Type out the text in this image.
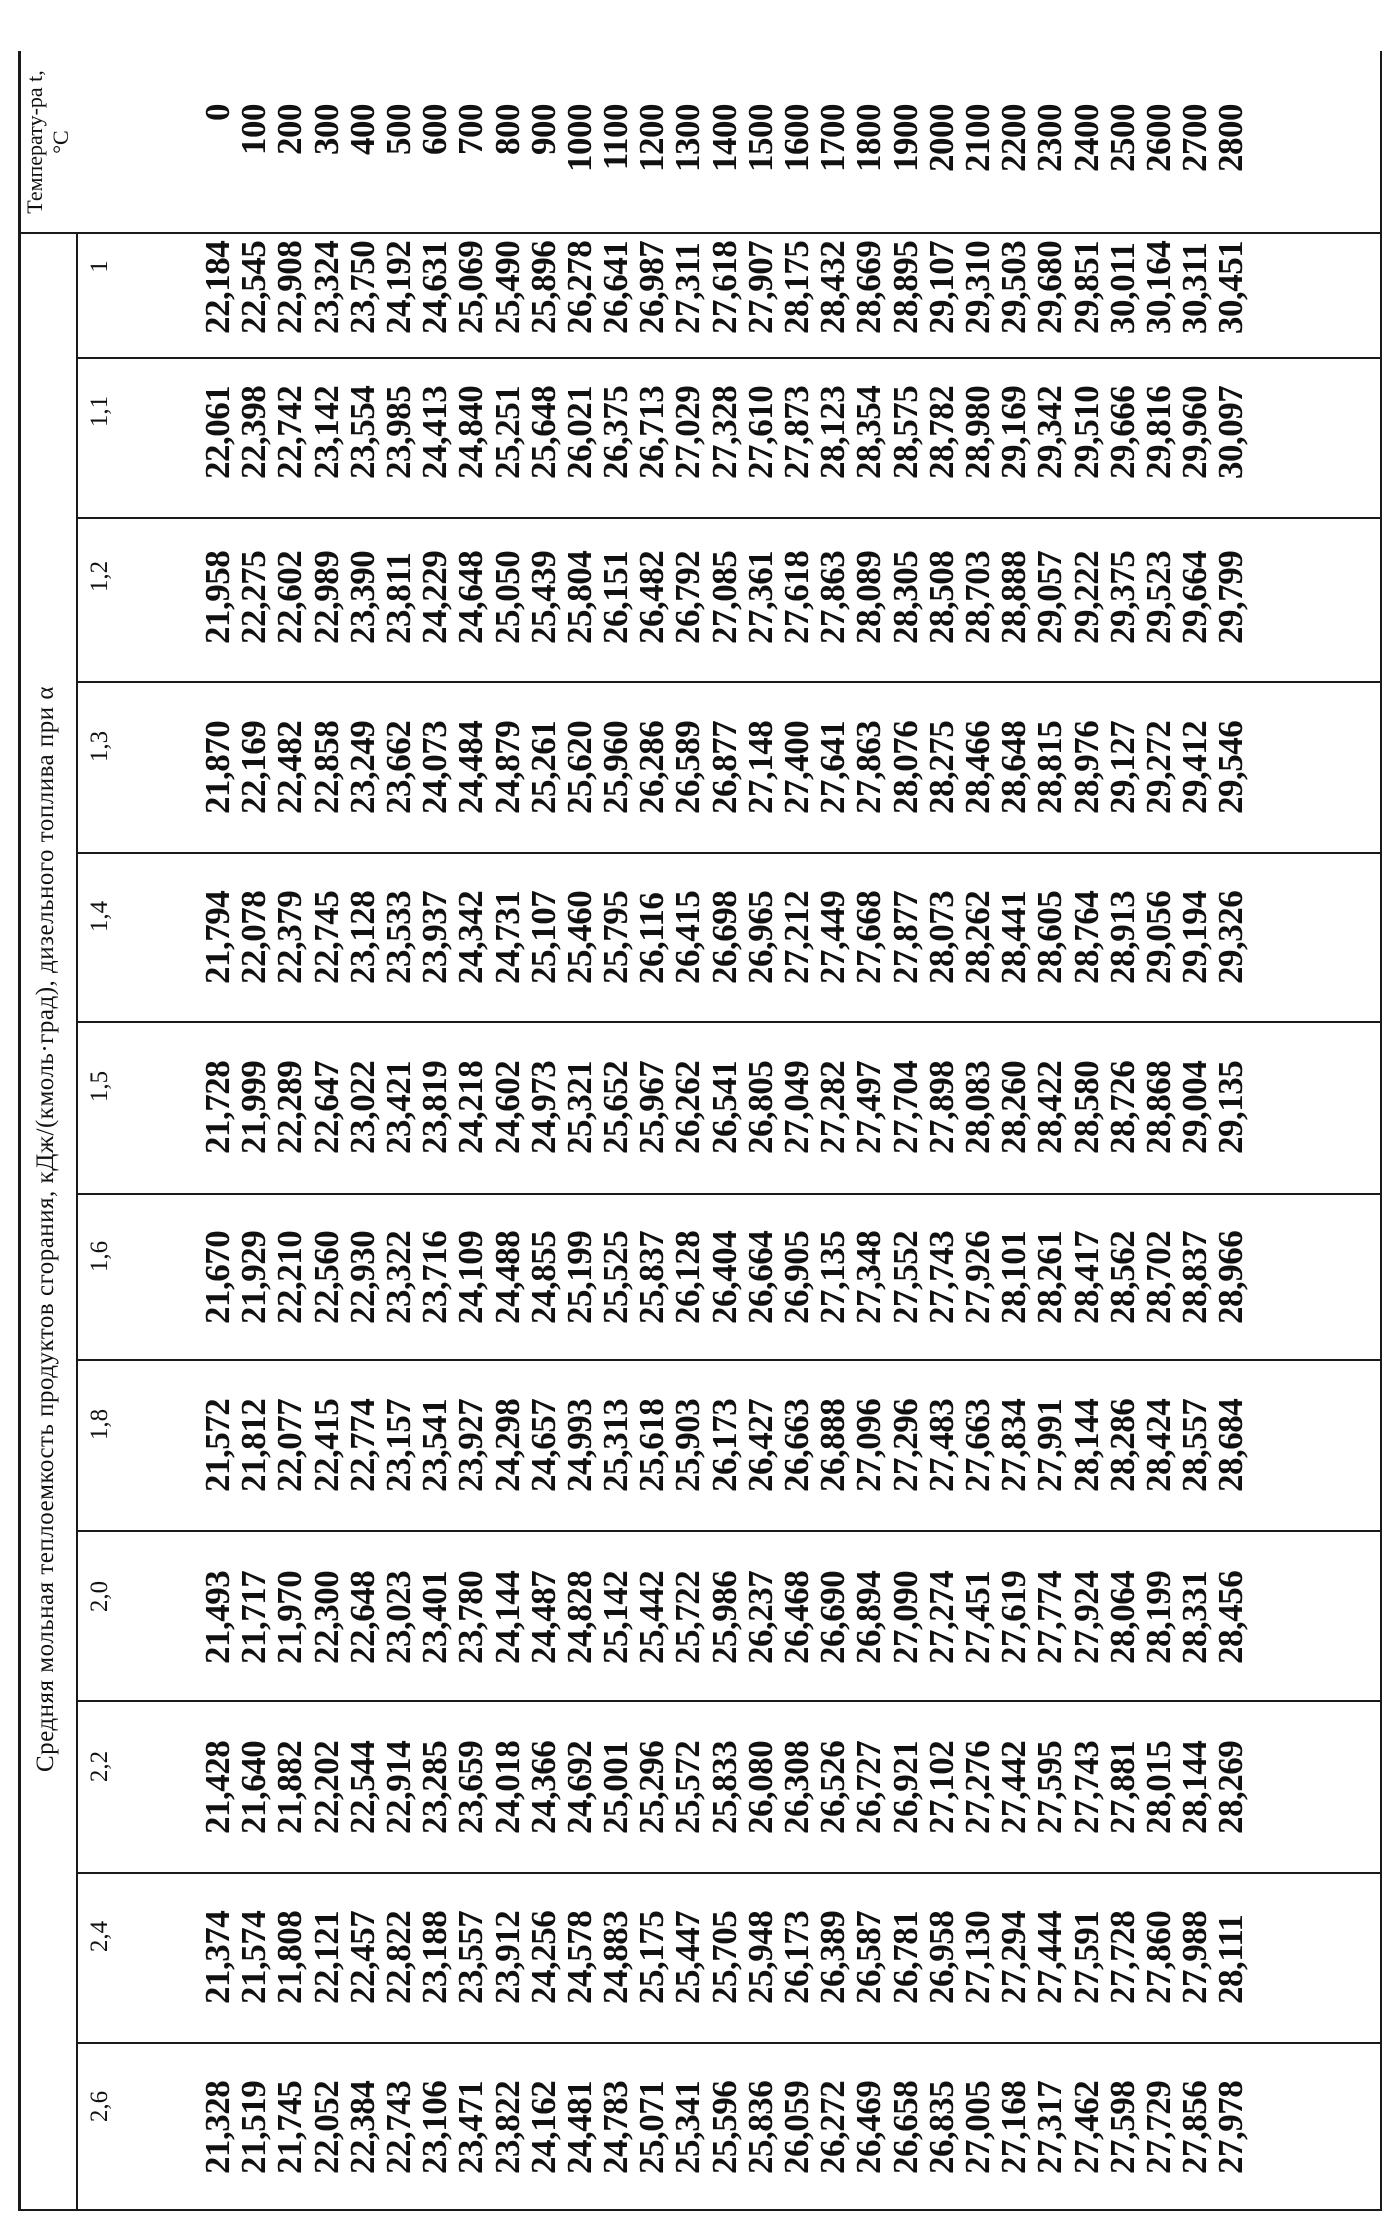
Температу-ра t, °C
Средняя мольная теплоемкость продуктов сгорания, кДж/(кмоль·град), дизельного топлива при α
2,6
2,4
2,2
2,0
1,8
1,6
1,5
1,4
1,3
1,2
1,1
1
21,328
21,519
21,745
22,052
22,384
22,743
23,106
23,471
23,822
24,162
24,481
24,783
25,071
25,341
25,596
25,836
26,059
26,272
26,469
26,658
26,835
27,005
27,168
27,317
27,462
27,598
27,729
27,856
27,978
21,374
21,574
21,808
22,121
22,457
22,822
23,188
23,557
23,912
24,256
24,578
24,883
25,175
25,447
25,705
25,948
26,173
26,389
26,587
26,781
26,958
27,130
27,294
27,444
27,591
27,728
27,860
27,988
28,111
21,428
21,640
21,882
22,202
22,544
22,914
23,285
23,659
24,018
24,366
24,692
25,001
25,296
25,572
25,833
26,080
26,308
26,526
26,727
26,921
27,102
27,276
27,442
27,595
27,743
27,881
28,015
28,144
28,269
21,493
21,717
21,970
22,300
22,648
23,023
23,401
23,780
24,144
24,487
24,828
25,142
25,442
25,722
25,986
26,237
26,468
26,690
26,894
27,090
27,274
27,451
27,619
27,774
27,924
28,064
28,199
28,331
28,456
21,572
21,812
22,077
22,415
22,774
23,157
23,541
23,927
24,298
24,657
24,993
25,313
25,618
25,903
26,173
26,427
26,663
26,888
27,096
27,296
27,483
27,663
27,834
27,991
28,144
28,286
28,424
28,557
28,684
21,670
21,929
22,210
22,560
22,930
23,322
23,716
24,109
24,488
24,855
25,199
25,525
25,837
26,128
26,404
26,664
26,905
27,135
27,348
27,552
27,743
27,926
28,101
28,261
28,417
28,562
28,702
28,837
28,966
21,728
21,999
22,289
22,647
23,022
23,421
23,819
24,218
24,602
24,973
25,321
25,652
25,967
26,262
26,541
26,805
27,049
27,282
27,497
27,704
27,898
28,083
28,260
28,422
28,580
28,726
28,868
29,004
29,135
21,794
22,078
22,379
22,745
23,128
23,533
23,937
24,342
24,731
25,107
25,460
25,795
26,116
26,415
26,698
26,965
27,212
27,449
27,668
27,877
28,073
28,262
28,441
28,605
28,764
28,913
29,056
29,194
29,326
21,870
22,169
22,482
22,858
23,249
23,662
24,073
24,484
24,879
25,261
25,620
25,960
26,286
26,589
26,877
27,148
27,400
27,641
27,863
28,076
28,275
28,466
28,648
28,815
28,976
29,127
29,272
29,412
29,546
21,958
22,275
22,602
22,989
23,390
23,811
24,229
24,648
25,050
25,439
25,804
26,151
26,482
26,792
27,085
27,361
27,618
27,863
28,089
28,305
28,508
28,703
28,888
29,057
29,222
29,375
29,523
29,664
29,799
22,061
22,398
22,742
23,142
23,554
23,985
24,413
24,840
25,251
25,648
26,021
26,375
26,713
27,029
27,328
27,610
27,873
28,123
28,354
28,575
28,782
28,980
29,169
29,342
29,510
29,666
29,816
29,960
30,097
22,184
22,545
22,908
23,324
23,750
24,192
24,631
25,069
25,490
25,896
26,278
26,641
26,987
27,311
27,618
27,907
28,175
28,432
28,669
28,895
29,107
29,310
29,503
29,680
29,851
30,011
30,164
30,311
30,451
0
100
200
300
400
500
600
700
800
900
1000
1100
1200
1300
1400
1500
1600
1700
1800
1900
2000
2100
2200
2300
2400
2500
2600
2700
2800
